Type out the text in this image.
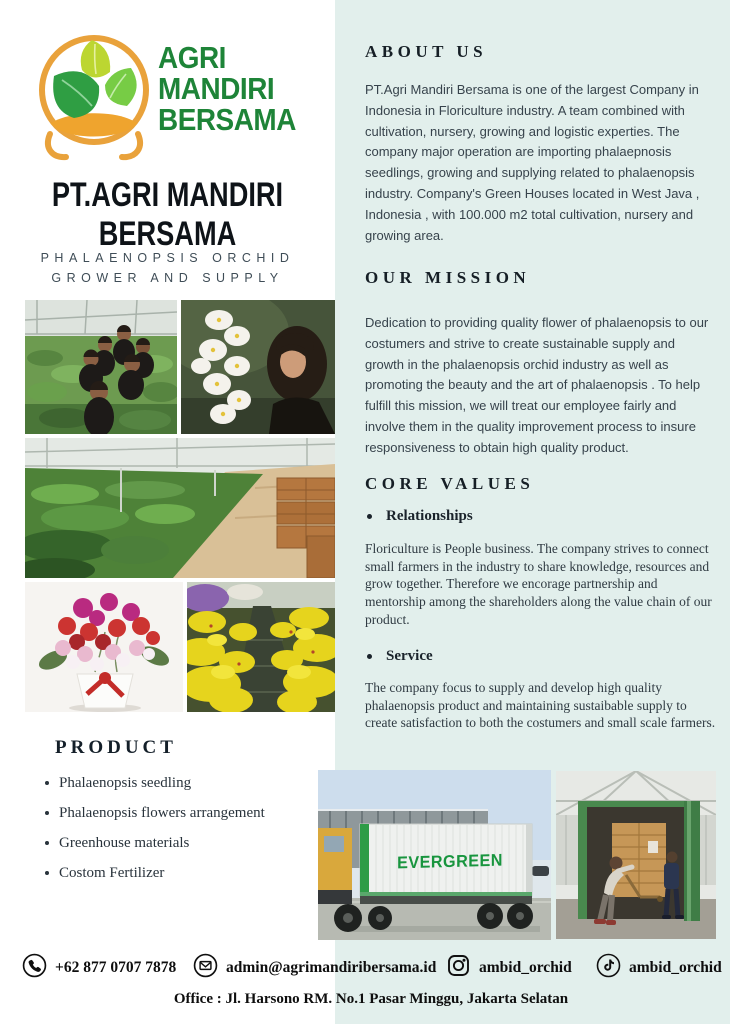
AGRI
MANDIRI
BERSAMA
PT.AGRI MANDIRI BERSAMA
PHALAENOPSIS ORCHID
GROWER AND SUPPLY
PRODUCT
Phalaenopsis seedling
Phalaenopsis flowers arrangement
Greenhouse materials
Costom Fertilizer
ABOUT US
PT.Agri Mandiri Bersama is one of the largest Company in Indonesia in Floriculture industry. A team combined with cultivation, nursery, growing and logistic experties. The company major operation are importing phalaepnosis seedlings, growing and supplying related to phalaenopsis industry. Company's Green Houses located in West Java , Indonesia , with 100.000 m2 total cultivation, nursery and growing area.
OUR MISSION
Dedication to providing quality flower of phalaenopsis to our costumers and strive to create sustainable supply and growth in the phalaenopsis orchid industry as well as promoting the beauty and the art of phalaenopsis . To help fulfill this mission, we will treat our employee fairly and involve them in the quality improvement process to insure responsiveness to obtain high quality product.
CORE VALUES
Relationships
Floriculture is People business. The company strives to connect small farmers in the industry to share knowledge, resources and grow together. Therefore we encorage partnership and mentorship among the shareholders along the value chain of our product.
Service
The company focus to supply and develop high quality phalaenopsis product and maintaining sustaibable supply to create satisfaction to both the costumers and small scale farmers.
EVERGREEN
+62 877 0707 7878	admin@agrimandiribersama.id	ambid_orchid	ambid_orchid
Office : Jl. Harsono RM. No.1 Pasar Minggu, Jakarta Selatan
